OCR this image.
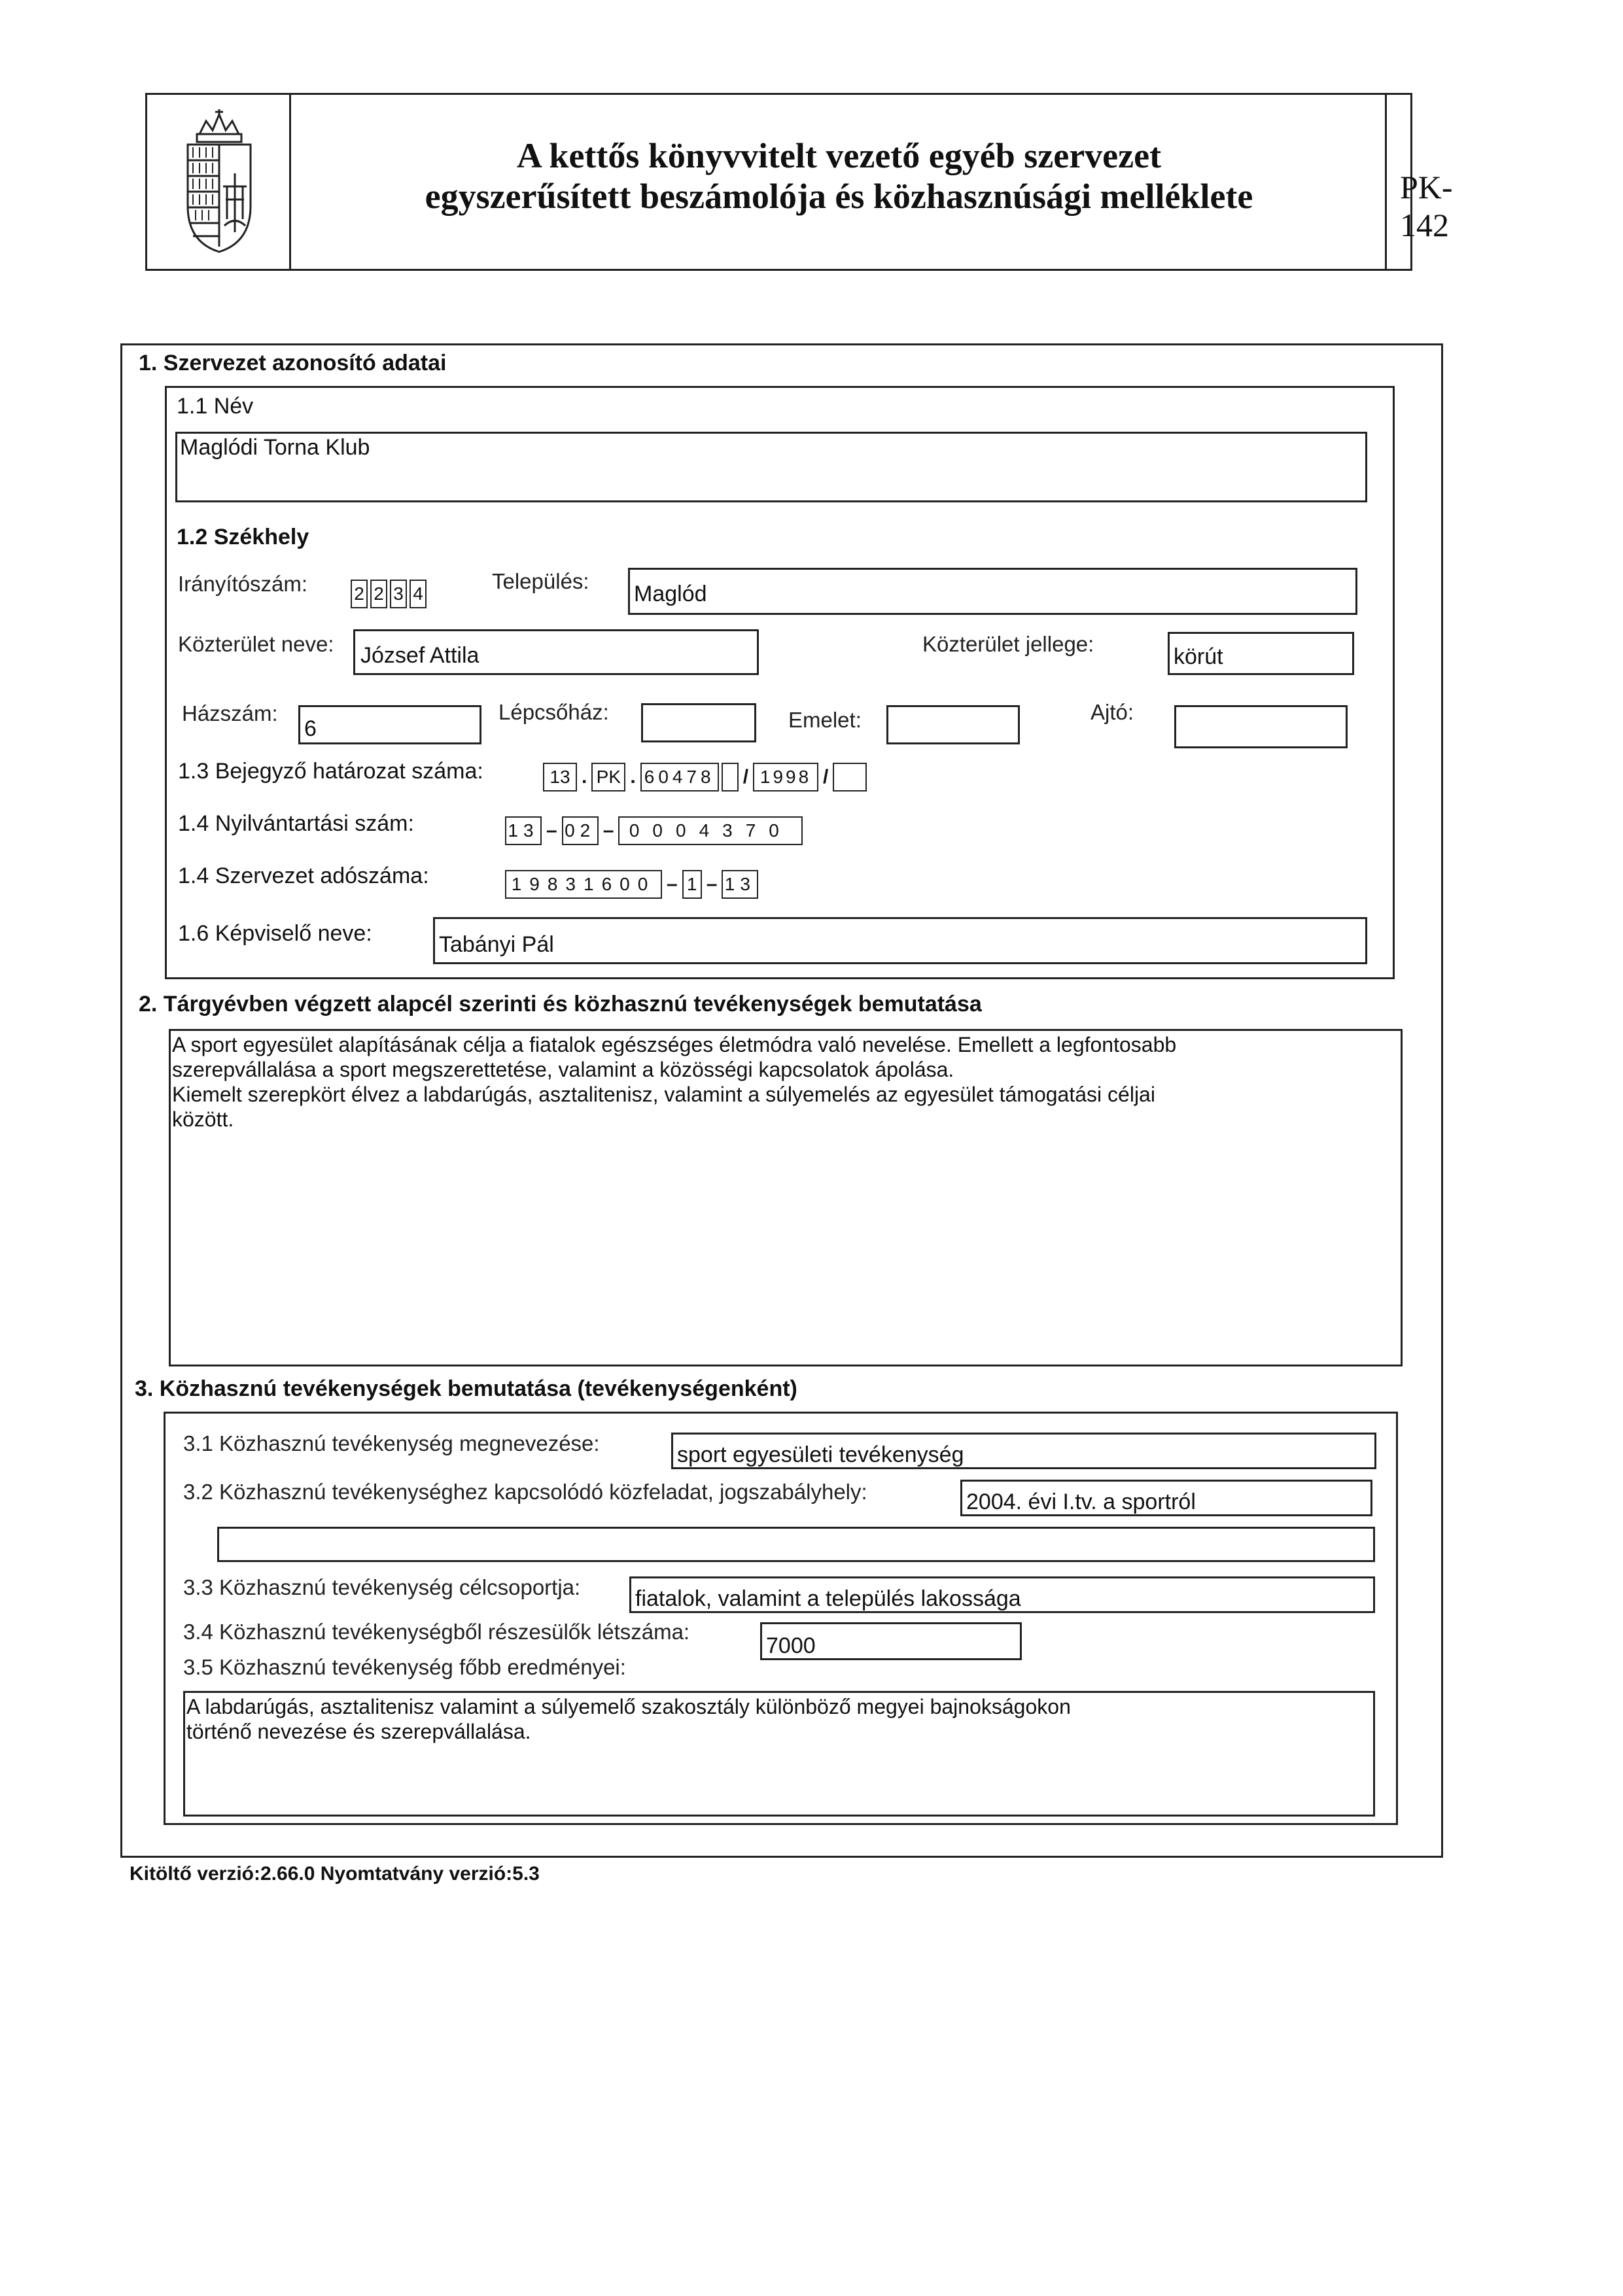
A kettős könyvvitelt vezető egyéb szervezet
egyszerűsített beszámolója és közhasznúsági melléklete	PK-142
1. Szervezet azonosító adatai
1.1 Név
Maglódi Torna Klub
1.2 Székhely
Irányítószám:	2 2 3 4
Település:
Maglód
Közterület neve: József Attila	Közterület jellege:
körút
Házszám:
6
Lépcsőház:	Emelet:	Ajtó:
1.3 Bejegyző határozat száma:	13 . PK . 60478 / 1998 /
1.4 Nyilvántartási szám:	13 – 02 – 0004370
1.4 Szervezet adószáma:	19831600 – 1 – 13
1.6 Képviselő neve:	Tabányi Pál
2. Tárgyévben végzett alapcél szerinti és közhasznú tevékenységek bemutatása
A sport egyesület alapításának célja a fiatalok egészséges életmódra való nevelése. Emellett a legfontosabb
szerepvállalása a sport megszerettetése, valamint a közösségi kapcsolatok ápolása.
Kiemelt szerepkört élvez a labdarúgás, asztalitenisz, valamint a súlyemelés az egyesület támogatási céljai
között.
3. Közhasznú tevékenységek bemutatása (tevékenységenként)
3.1 Közhasznú tevékenység megnevezése:	sport egyesületi tevékenység
3.2 Közhasznú tevékenységhez kapcsolódó közfeladat, jogszabályhely:	2004. évi I.tv. a sportról
3.3 Közhasznú tevékenység célcsoportja: fiatalok, valamint a település lakossága
3.4 Közhasznú tevékenységből részesülők létszáma:
7000
3.5 Közhasznú tevékenység főbb eredményei:
A labdarúgás, asztalitenisz valamint a súlyemelő szakosztály különböző megyei bajnokságokon
történő nevezése és szerepvállalása.
Kitöltő verzió:2.66.0 Nyomtatvány verzió:5.3
